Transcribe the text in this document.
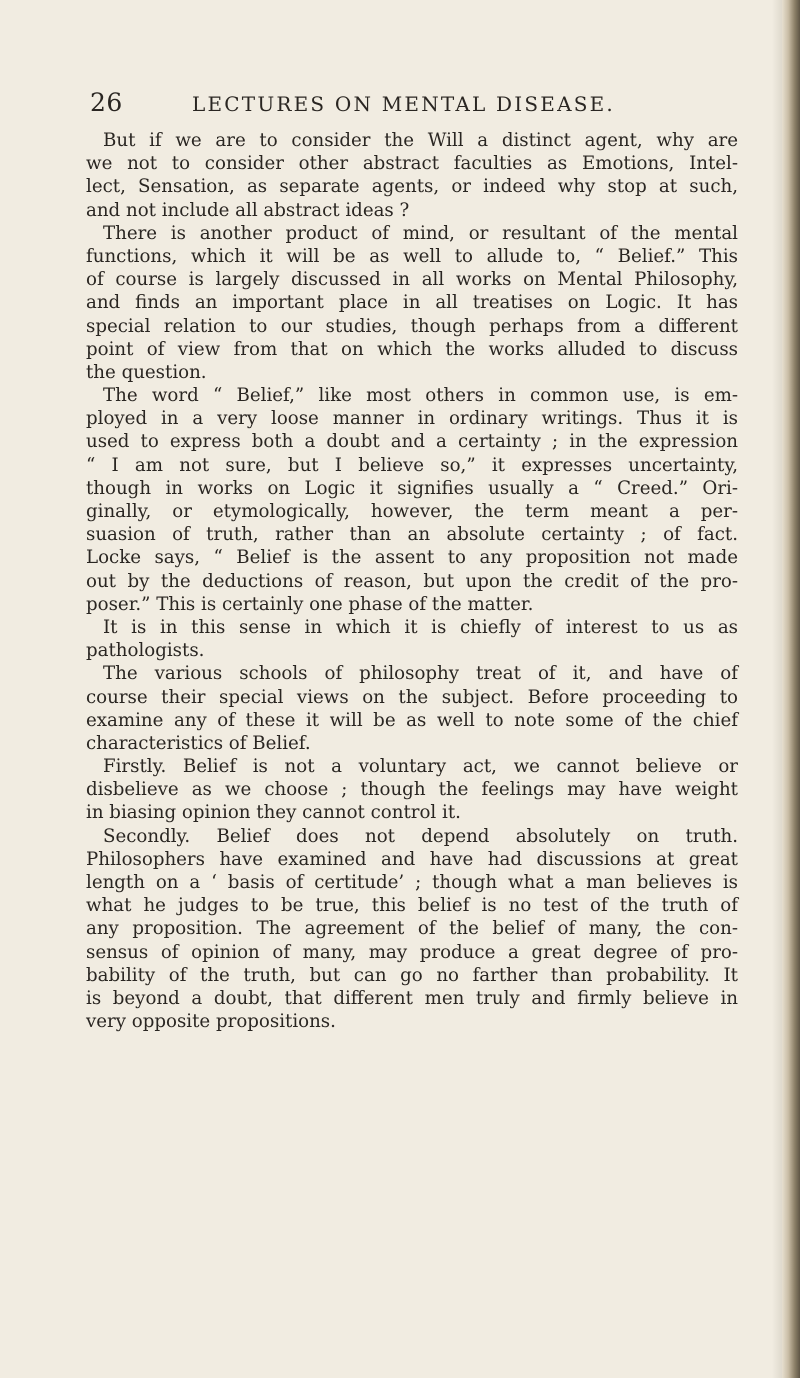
26	LECTURES ON MENTAL DISEASE.
But if we are to consider the Will a distinct agent, why are
we not to consider other abstract faculties as Emotions, Intel-
lect, Sensation, as separate agents, or indeed why stop at such,
and not include all abstract ideas ?
There is another product of mind, or resultant of the mental
functions, which it will be as well to allude to, “ Belief.” This
of course is largely discussed in all works on Mental Philosophy,
and finds an important place in all treatises on Logic. It has
special relation to our studies, though perhaps from a different
point of view from that on which the works alluded to discuss
the question.
The word “ Belief,” like most others in common use, is em-
ployed in a very loose manner in ordinary writings. Thus it is
used to express both a doubt and a certainty ; in the expression
“ I am not sure, but I believe so,” it expresses uncertainty,
though in works on Logic it signifies usually a “ Creed.” Ori-
ginally, or etymologically, however, the term meant a per-
suasion of truth, rather than an absolute certainty ; of fact.
Locke says, “ Belief is the assent to any proposition not made
out by the deductions of reason, but upon the credit of the pro-
poser.” This is certainly one phase of the matter.
It is in this sense in which it is chiefly of interest to us as
pathologists.
The various schools of philosophy treat of it, and have of
course their special views on the subject. Before proceeding to
examine any of these it will be as well to note some of the chief
characteristics of Belief.
Firstly. Belief is not a voluntary act, we cannot believe or
disbelieve as we choose ; though the feelings may have weight
in biasing opinion they cannot control it.
Secondly. Belief does not depend absolutely on truth.
Philosophers have examined and have had discussions at great
length on a ‘ basis of certitude’ ; though what a man believes is
what he judges to be true, this belief is no test of the truth of
any proposition. The agreement of the belief of many, the con-
sensus of opinion of many, may produce a great degree of pro-
bability of the truth, but can go no farther than probability. It
is beyond a doubt, that different men truly and firmly believe in
very opposite propositions.
